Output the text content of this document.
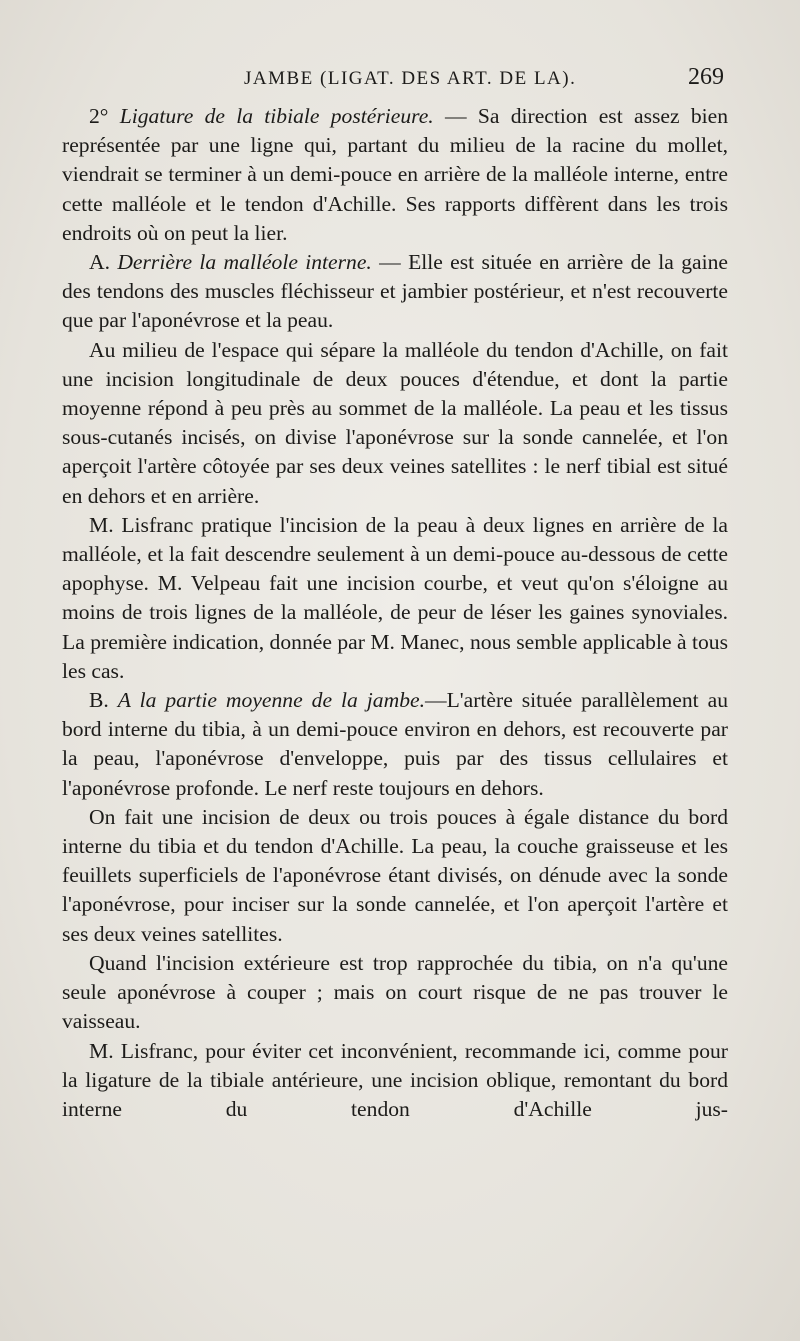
JAMBE (LIGAT. DES ART. DE LA).	269

2° Ligature de la tibiale postérieure. — Sa direction est assez bien représentée par une ligne qui, partant du milieu de la racine du mollet, viendrait se terminer à un demi-pouce en arrière de la malléole interne, entre cette malléole et le tendon d'Achille. Ses rapports diffèrent dans les trois endroits où on peut la lier.

A. Derrière la malléole interne. — Elle est située en arrière de la gaine des tendons des muscles fléchisseur et jambier postérieur, et n'est recouverte que par l'aponévrose et la peau.

Au milieu de l'espace qui sépare la malléole du tendon d'Achille, on fait une incision longitudinale de deux pouces d'étendue, et dont la partie moyenne répond à peu près au sommet de la malléole. La peau et les tissus sous-cutanés incisés, on divise l'aponévrose sur la sonde cannelée, et l'on aperçoit l'artère côtoyée par ses deux veines satellites : le nerf tibial est situé en dehors et en arrière.

M. Lisfranc pratique l'incision de la peau à deux lignes en arrière de la malléole, et la fait descendre seulement à un demi-pouce au-dessous de cette apophyse. M. Velpeau fait une incision courbe, et veut qu'on s'éloigne au moins de trois lignes de la malléole, de peur de léser les gaines synoviales. La première indication, donnée par M. Manec, nous semble applicable à tous les cas.

B. A la partie moyenne de la jambe.—L'artère située parallèlement au bord interne du tibia, à un demi-pouce environ en dehors, est recouverte par la peau, l'aponévrose d'enveloppe, puis par des tissus cellulaires et l'aponévrose profonde. Le nerf reste toujours en dehors.

On fait une incision de deux ou trois pouces à égale distance du bord interne du tibia et du tendon d'Achille. La peau, la couche graisseuse et les feuillets superficiels de l'aponévrose étant divisés, on dénude avec la sonde l'aponévrose, pour inciser sur la sonde cannelée, et l'on aperçoit l'artère et ses deux veines satellites.

Quand l'incision extérieure est trop rapprochée du tibia, on n'a qu'une seule aponévrose à couper ; mais on court risque de ne pas trouver le vaisseau.

M. Lisfranc, pour éviter cet inconvénient, recommande ici, comme pour la ligature de la tibiale antérieure, une incision oblique, remontant du bord interne du tendon d'Achille jus-
